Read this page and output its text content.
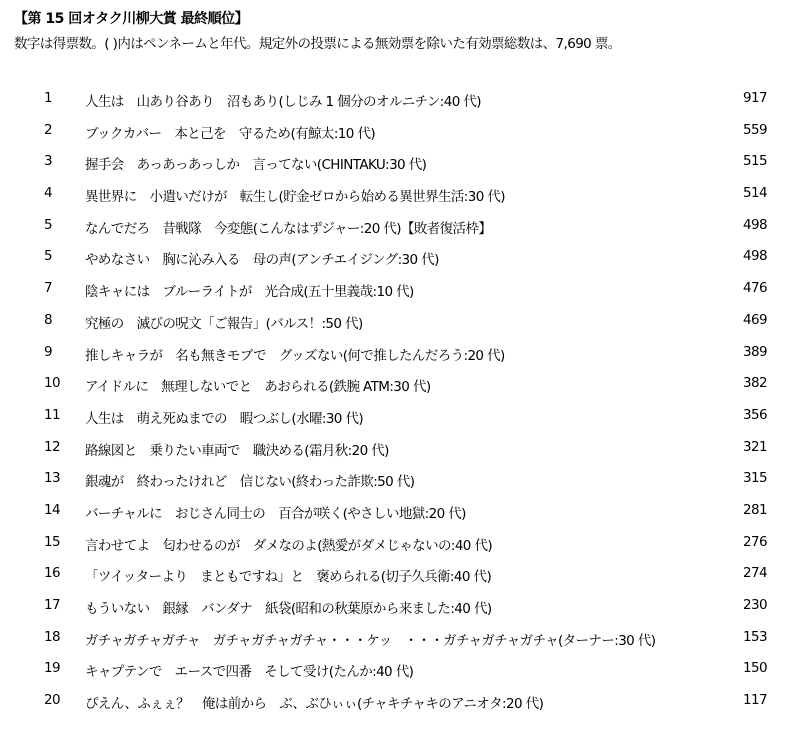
【第 15 回オタク川柳大賞 最終順位】
数字は得票数。( )内はペンネームと年代。規定外の投票による無効票を除いた有効票総数は、7,690 票。
1	人生は　山あり谷あり　沼もあり(しじみ 1 個分のオルニチン:40 代)	917
2	ブックカバー　本と己を　守るため(有鯨太:10 代)	559
3	握手会　あっあっあっしか　言ってない(CHINTAKU:30 代)	515
4	異世界に　小遣いだけが　転生し(貯金ゼロから始める異世界生活:30 代)	514
5	なんでだろ　昔戦隊　今変態(こんなはずジャー:20 代)【敗者復活枠】	498
5	やめなさい　胸に沁み入る　母の声(アンチエイジング:30 代)	498
7	陰キャには　ブルーライトが　光合成(五十里義哉:10 代)	476
8	究極の　滅びの呪文「ご報告」(バルス！:50 代)	469
9	推しキャラが　名も無きモブで　グッズない(何で推したんだろう:20 代)	389
10 アイドルに　無理しないでと　あおられる(鉄腕 ATM:30 代)	382
11 人生は　萌え死ぬまでの　暇つぶし(水曜:30 代)	356
12 路線図と　乗りたい車両で　職決める(霜月秋:20 代)	321
13 銀魂が　終わったけれど　信じない(終わった詐欺:50 代)	315
14 バーチャルに　おじさん同士の　百合が咲く(やさしい地獄:20 代)	281
15 言わせてよ　匂わせるのが　ダメなのよ(熱愛がダメじゃないの:40 代)	276
16 「ツイッターより　まともですね」と　褒められる(切子久兵衛:40 代)	274
17 もういない　銀縁　バンダナ　紙袋(昭和の秋葉原から来ました:40 代)	230
18 ガチャガチャガチャ　ガチャガチャガチャ・・・ケッ　・・・ガチャガチャガチャ(ターナー:30 代)	153
19 キャプテンで　エースで四番　そして受け(たんか:40 代)	150
20 ぴえん、ふぇぇ？　俺は前から　ぶ、ぶひぃぃ(チャキチャキのアニオタ:20 代)	117
